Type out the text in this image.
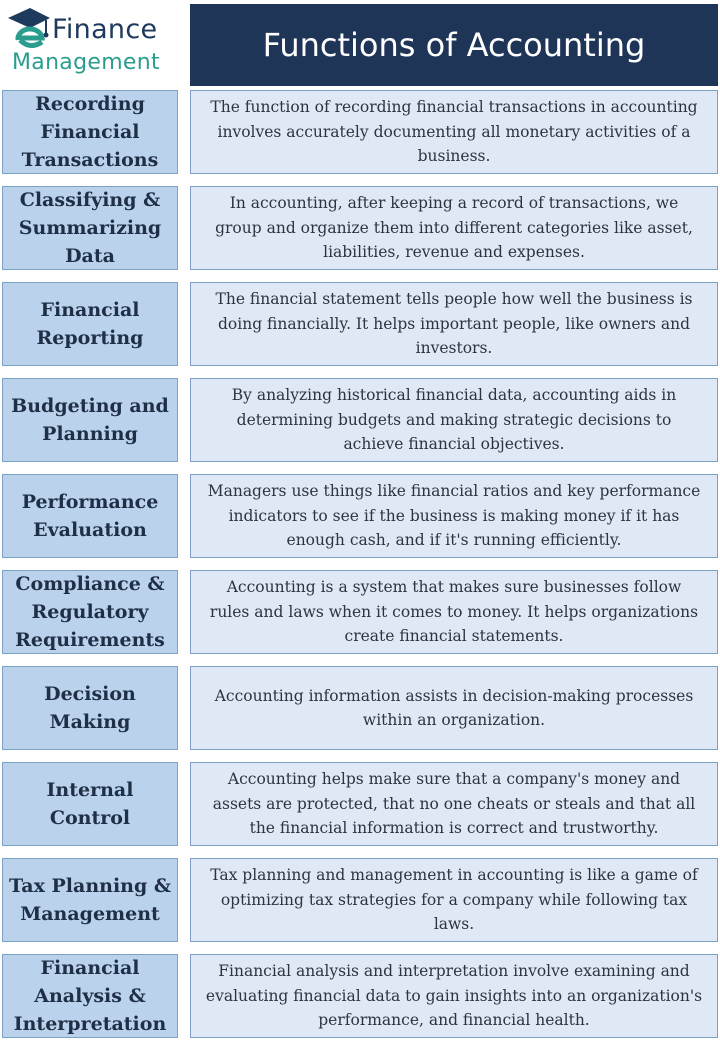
Finance
Management	Functions of Accounting
Recording Financial Transactions
The function of recording financial transactions in accounting involves accurately documenting all monetary activities of a business.
Classifying & Summarizing Data
In accounting, after keeping a record of transactions, we group and organize them into different categories like asset, liabilities, revenue and expenses.
Financial Reporting
The financial statement tells people how well the business is doing financially. It helps important people, like owners and investors.
Budgeting and Planning
By analyzing historical financial data, accounting aids in determining budgets and making strategic decisions to achieve financial objectives.
Performance Evaluation
Managers use things like financial ratios and key performance indicators to see if the business is making money if it has enough cash, and if it's running efficiently.
Compliance & Regulatory Requirements
Accounting is a system that makes sure businesses follow rules and laws when it comes to money. It helps organizations create financial statements.
Decision Making
Accounting information assists in decision-making processes within an organization.
Internal Control
Accounting helps make sure that a company's money and assets are protected, that no one cheats or steals and that all the financial information is correct and trustworthy.
Tax Planning & Management
Tax planning and management in accounting is like a game of optimizing tax strategies for a company while following tax laws.
Financial Analysis & Interpretation
Financial analysis and interpretation involve examining and evaluating financial data to gain insights into an organization's performance, and financial health.
